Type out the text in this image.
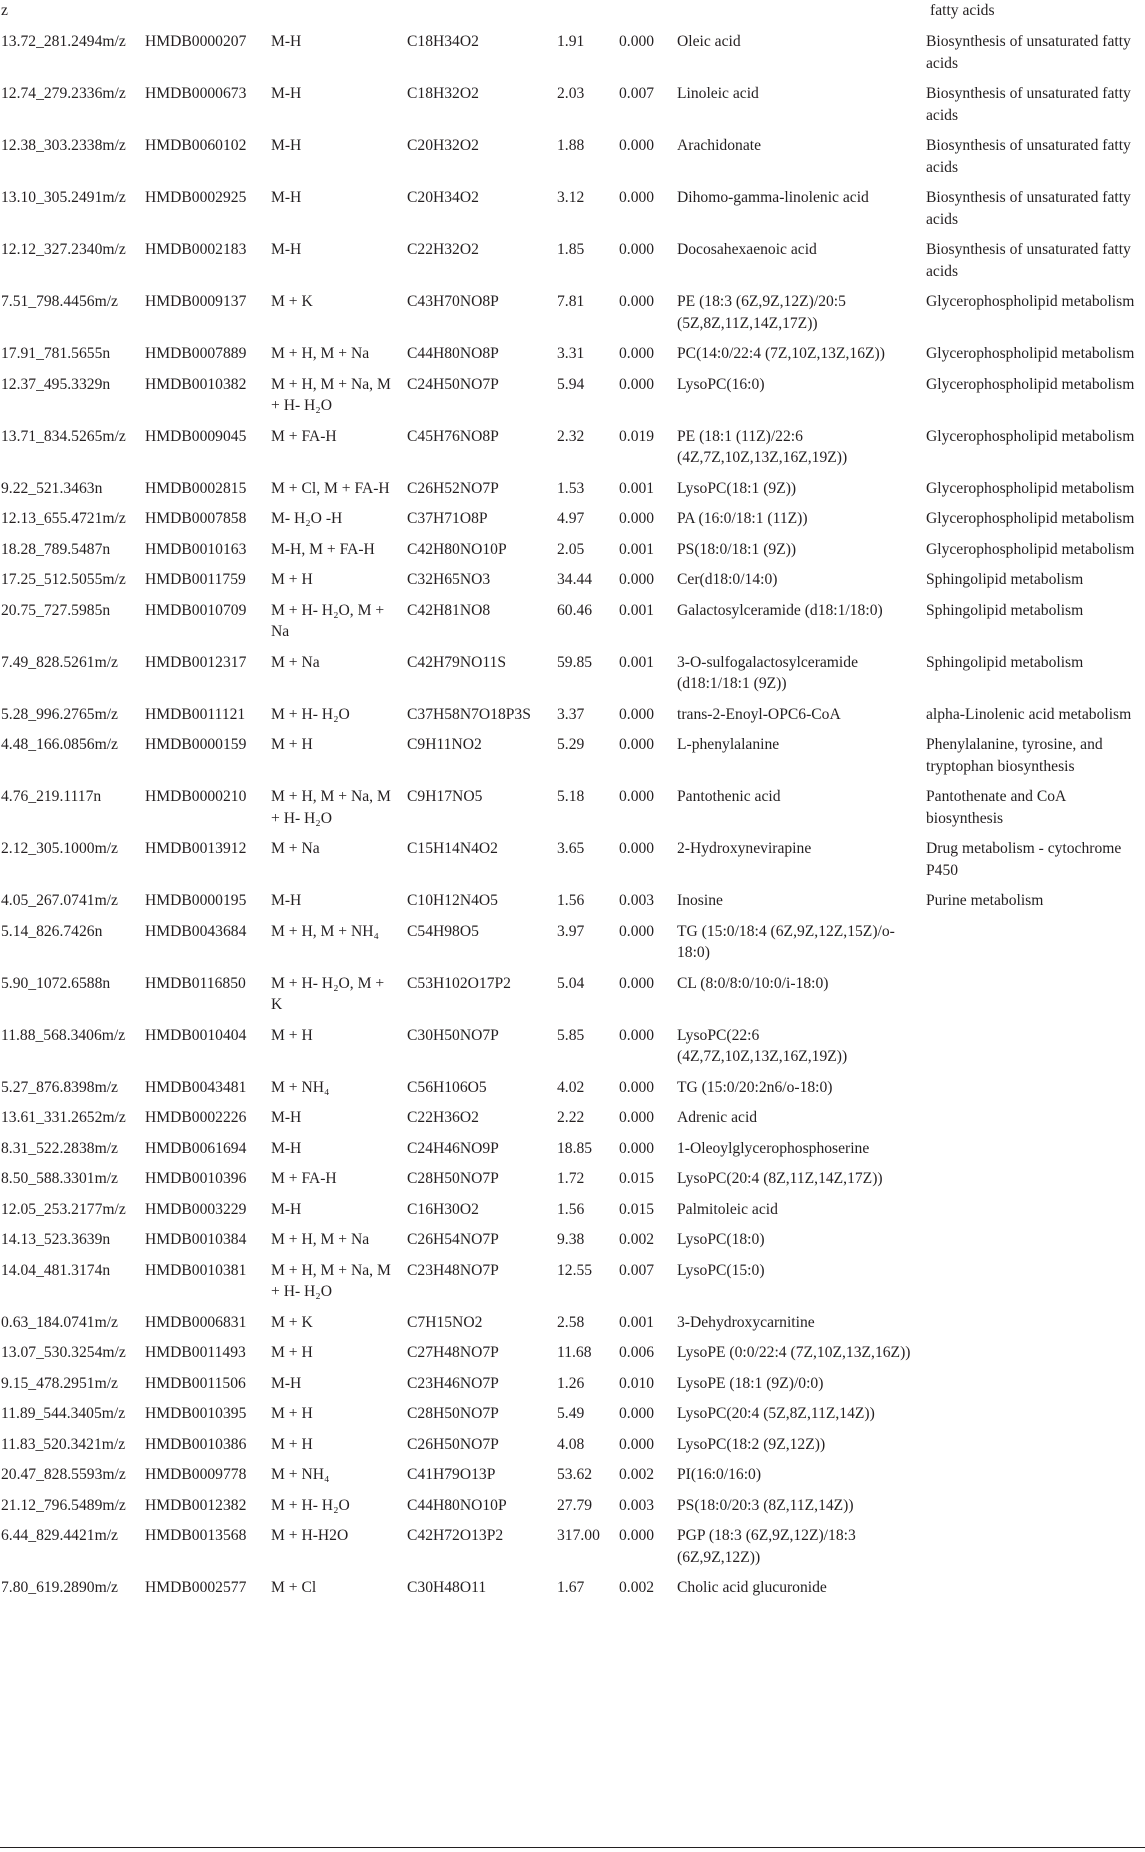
z	fatty acids
13.72_281.2494m/z	HMDB0000207	M-H	C18H34O2	1.91	0.000	Oleic acid	Biosynthesis of unsaturated fatty acids
12.74_279.2336m/z	HMDB0000673	M-H	C18H32O2	2.03	0.007	Linoleic acid	Biosynthesis of unsaturated fatty acids
12.38_303.2338m/z	HMDB0060102	M-H	C20H32O2	1.88	0.000	Arachidonate	Biosynthesis of unsaturated fatty acids
13.10_305.2491m/z	HMDB0002925	M-H	C20H34O2	3.12	0.000	Dihomo-gamma-linolenic acid	Biosynthesis of unsaturated fatty acids
12.12_327.2340m/z	HMDB0002183	M-H	C22H32O2	1.85	0.000	Docosahexaenoic acid	Biosynthesis of unsaturated fatty acids
7.51_798.4456m/z	HMDB0009137	M + K	C43H70NO8P	7.81	0.000	PE (18:3 (6Z,9Z,12Z)/20:5 (5Z,8Z,11Z,14Z,17Z))	Glycerophospholipid metabolism
17.91_781.5655n	HMDB0007889	M + H, M + Na	C44H80NO8P	3.31	0.000	PC(14:0/22:4 (7Z,10Z,13Z,16Z))	Glycerophospholipid metabolism
12.37_495.3329n	HMDB0010382	M + H, M + Na, M + H- H₂O	C24H50NO7P	5.94	0.000	LysoPC(16:0)	Glycerophospholipid metabolism
13.71_834.5265m/z	HMDB0009045	M + FA-H	C45H76NO8P	2.32	0.019	PE (18:1 (11Z)/22:6 (4Z,7Z,10Z,13Z,16Z,19Z))	Glycerophospholipid metabolism
9.22_521.3463n	HMDB0002815	M + Cl, M + FA-H	C26H52NO7P	1.53	0.001	LysoPC(18:1 (9Z))	Glycerophospholipid metabolism
12.13_655.4721m/z	HMDB0007858	M- H₂O -H	C37H71O8P	4.97	0.000	PA (16:0/18:1 (11Z))	Glycerophospholipid metabolism
18.28_789.5487n	HMDB0010163	M-H, M + FA-H	C42H80NO10P	2.05	0.001	PS(18:0/18:1 (9Z))	Glycerophospholipid metabolism
17.25_512.5055m/z	HMDB0011759	M + H	C32H65NO3	34.44	0.000	Cer(d18:0/14:0)	Sphingolipid metabolism
20.75_727.5985n	HMDB0010709	M + H- H₂O, M + Na	C42H81NO8	60.46	0.001	Galactosylceramide (d18:1/18:0)	Sphingolipid metabolism
7.49_828.5261m/z	HMDB0012317	M + Na	C42H79NO11S	59.85	0.001	3-O-sulfogalactosylceramide (d18:1/18:1 (9Z))	Sphingolipid metabolism
5.28_996.2765m/z	HMDB0011121	M + H- H₂O	C37H58N7O18P3S	3.37	0.000	trans-2-Enoyl-OPC6-CoA	alpha-Linolenic acid metabolism
4.48_166.0856m/z	HMDB0000159	M + H	C9H11NO2	5.29	0.000	L-phenylalanine	Phenylalanine, tyrosine, and tryptophan biosynthesis
4.76_219.1117n	HMDB0000210	M + H, M + Na, M + H- H₂O	C9H17NO5	5.18	0.000	Pantothenic acid	Pantothenate and CoA biosynthesis
2.12_305.1000m/z	HMDB0013912	M + Na	C15H14N4O2	3.65	0.000	2-Hydroxynevirapine	Drug metabolism - cytochrome P450
4.05_267.0741m/z	HMDB0000195	M-H	C10H12N4O5	1.56	0.003	Inosine	Purine metabolism
5.14_826.7426n	HMDB0043684	M + H, M + NH₄	C54H98O5	3.97	0.000	TG (15:0/18:4 (6Z,9Z,12Z,15Z)/o-18:0)	
5.90_1072.6588n	HMDB0116850	M + H- H₂O, M + K	C53H102O17P2	5.04	0.000	CL (8:0/8:0/10:0/i-18:0)	
11.88_568.3406m/z	HMDB0010404	M + H	C30H50NO7P	5.85	0.000	LysoPC(22:6 (4Z,7Z,10Z,13Z,16Z,19Z))	
5.27_876.8398m/z	HMDB0043481	M + NH₄	C56H106O5	4.02	0.000	TG (15:0/20:2n6/o-18:0)	
13.61_331.2652m/z	HMDB0002226	M-H	C22H36O2	2.22	0.000	Adrenic acid	
8.31_522.2838m/z	HMDB0061694	M-H	C24H46NO9P	18.85	0.000	1-Oleoylglycerophosphoserine	
8.50_588.3301m/z	HMDB0010396	M + FA-H	C28H50NO7P	1.72	0.015	LysoPC(20:4 (8Z,11Z,14Z,17Z))	
12.05_253.2177m/z	HMDB0003229	M-H	C16H30O2	1.56	0.015	Palmitoleic acid	
14.13_523.3639n	HMDB0010384	M + H, M + Na	C26H54NO7P	9.38	0.002	LysoPC(18:0)	
14.04_481.3174n	HMDB0010381	M + H, M + Na, M + H- H₂O	C23H48NO7P	12.55	0.007	LysoPC(15:0)	
0.63_184.0741m/z	HMDB0006831	M + K	C7H15NO2	2.58	0.001	3-Dehydroxycarnitine	
13.07_530.3254m/z	HMDB0011493	M + H	C27H48NO7P	11.68	0.006	LysoPE (0:0/22:4 (7Z,10Z,13Z,16Z))	
9.15_478.2951m/z	HMDB0011506	M-H	C23H46NO7P	1.26	0.010	LysoPE (18:1 (9Z)/0:0)	
11.89_544.3405m/z	HMDB0010395	M + H	C28H50NO7P	5.49	0.000	LysoPC(20:4 (5Z,8Z,11Z,14Z))	
11.83_520.3421m/z	HMDB0010386	M + H	C26H50NO7P	4.08	0.000	LysoPC(18:2 (9Z,12Z))	
20.47_828.5593m/z	HMDB0009778	M + NH₄	C41H79O13P	53.62	0.002	PI(16:0/16:0)	
21.12_796.5489m/z	HMDB0012382	M + H- H₂O	C44H80NO10P	27.79	0.003	PS(18:0/20:3 (8Z,11Z,14Z))	
6.44_829.4421m/z	HMDB0013568	M + H-H2O	C42H72O13P2	317.00	0.000	PGP (18:3 (6Z,9Z,12Z)/18:3 (6Z,9Z,12Z))	
7.80_619.2890m/z	HMDB0002577	M + Cl	C30H48O11	1.67	0.002	Cholic acid glucuronide	
